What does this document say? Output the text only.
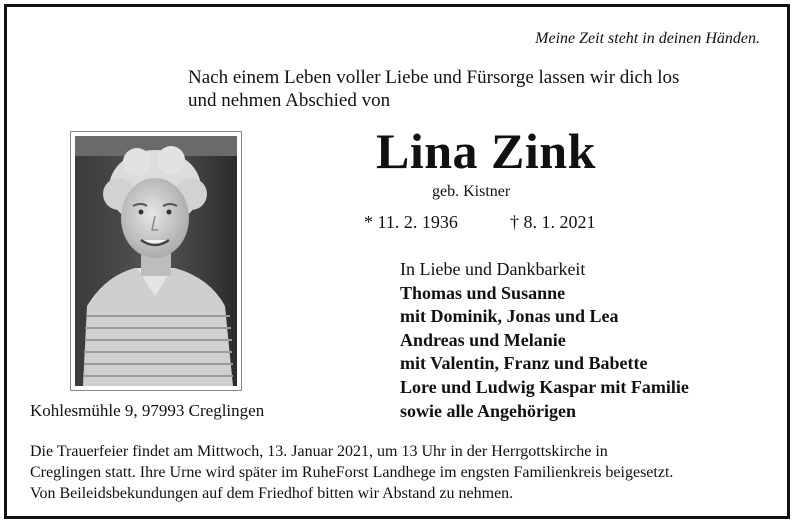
Meine Zeit steht in deinen Händen.
Nach einem Leben voller Liebe und Fürsorge lassen wir dich los
und nehmen Abschied von
Lina Zink
geb. Kistner
* 11. 2. 1936	† 8. 1. 2021
Kohlesmühle 9, 97993 Creglingen
In Liebe und Dankbarkeit
Thomas und Susanne
mit Dominik, Jonas und Lea
Andreas und Melanie
mit Valentin, Franz und Babette
Lore und Ludwig Kaspar mit Familie
sowie alle Angehörigen
Die Trauerfeier findet am Mittwoch, 13. Januar 2021, um 13 Uhr in der Herrgottskirche in
Creglingen statt. Ihre Urne wird später im RuheForst Landhege im engsten Familienkreis beigesetzt.
Von Beileidsbekundungen auf dem Friedhof bitten wir Abstand zu nehmen.
